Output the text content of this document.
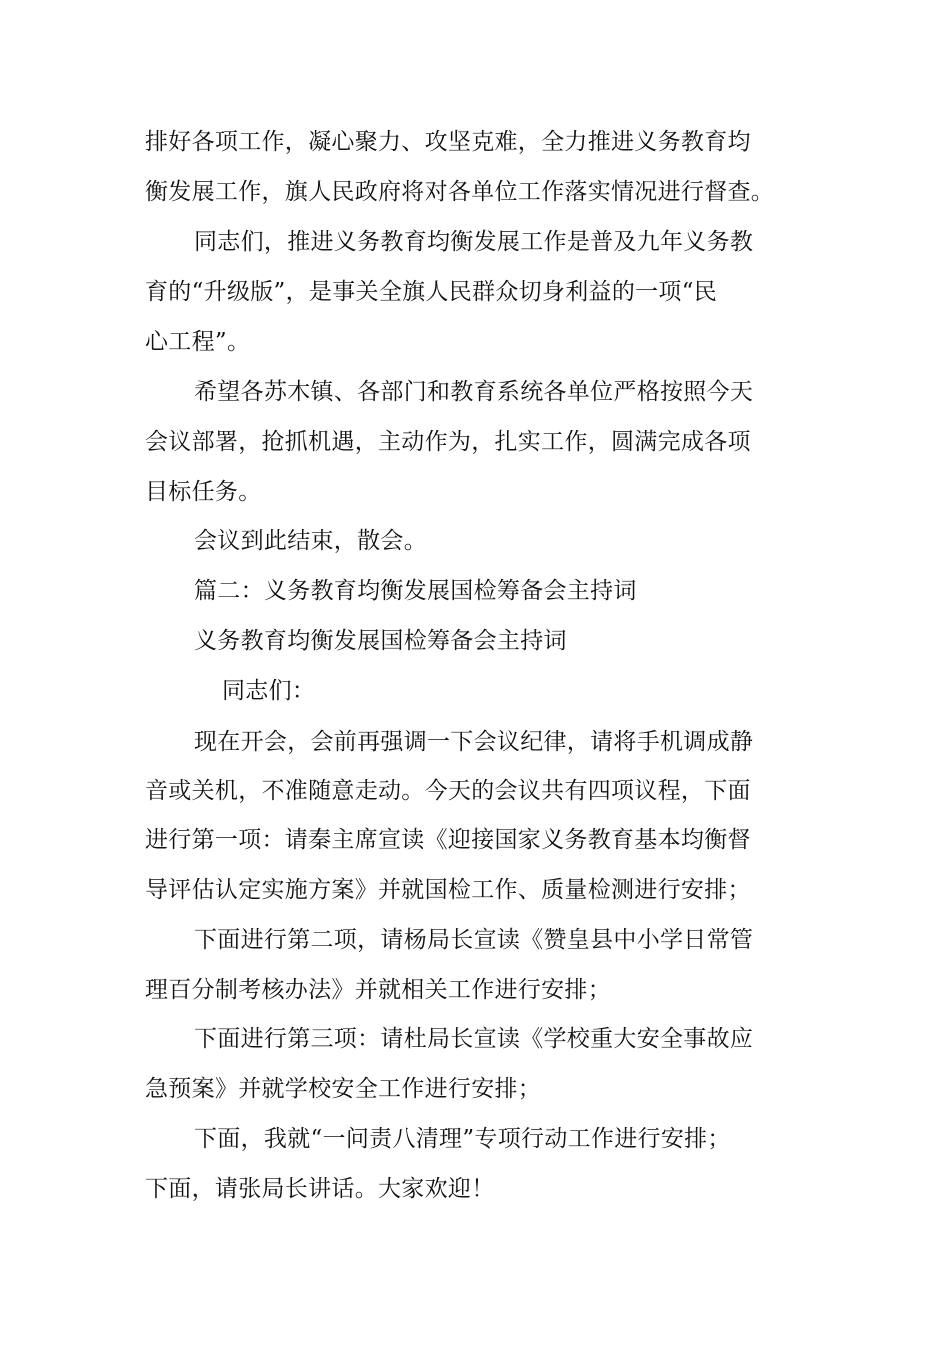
排好各项工作，凝心聚力、攻坚克难，全力推进义务教育均
衡发展工作，旗人民政府将对各单位工作落实情况进行督查。
同志们，推进义务教育均衡发展工作是普及九年义务教
育的“升级版”，是事关全旗人民群众切身利益的一项“民
心工程”。
希望各苏木镇、各部门和教育系统各单位严格按照今天
会议部署，抢抓机遇，主动作为，扎实工作，圆满完成各项
目标任务。
会议到此结束，散会。
篇二：义务教育均衡发展国检筹备会主持词
义务教育均衡发展国检筹备会主持词
同志们：
现在开会，会前再强调一下会议纪律，请将手机调成静
音或关机，不准随意走动。今天的会议共有四项议程，下面
进行第一项：请秦主席宣读《迎接国家义务教育基本均衡督
导评估认定实施方案》并就国检工作、质量检测进行安排；
下面进行第二项，请杨局长宣读《赞皇县中小学日常管
理百分制考核办法》并就相关工作进行安排；
下面进行第三项：请杜局长宣读《学校重大安全事故应
急预案》并就学校安全工作进行安排；
下面，我就“一问责八清理”专项行动工作进行安排；
下面，请张局长讲话。大家欢迎！
